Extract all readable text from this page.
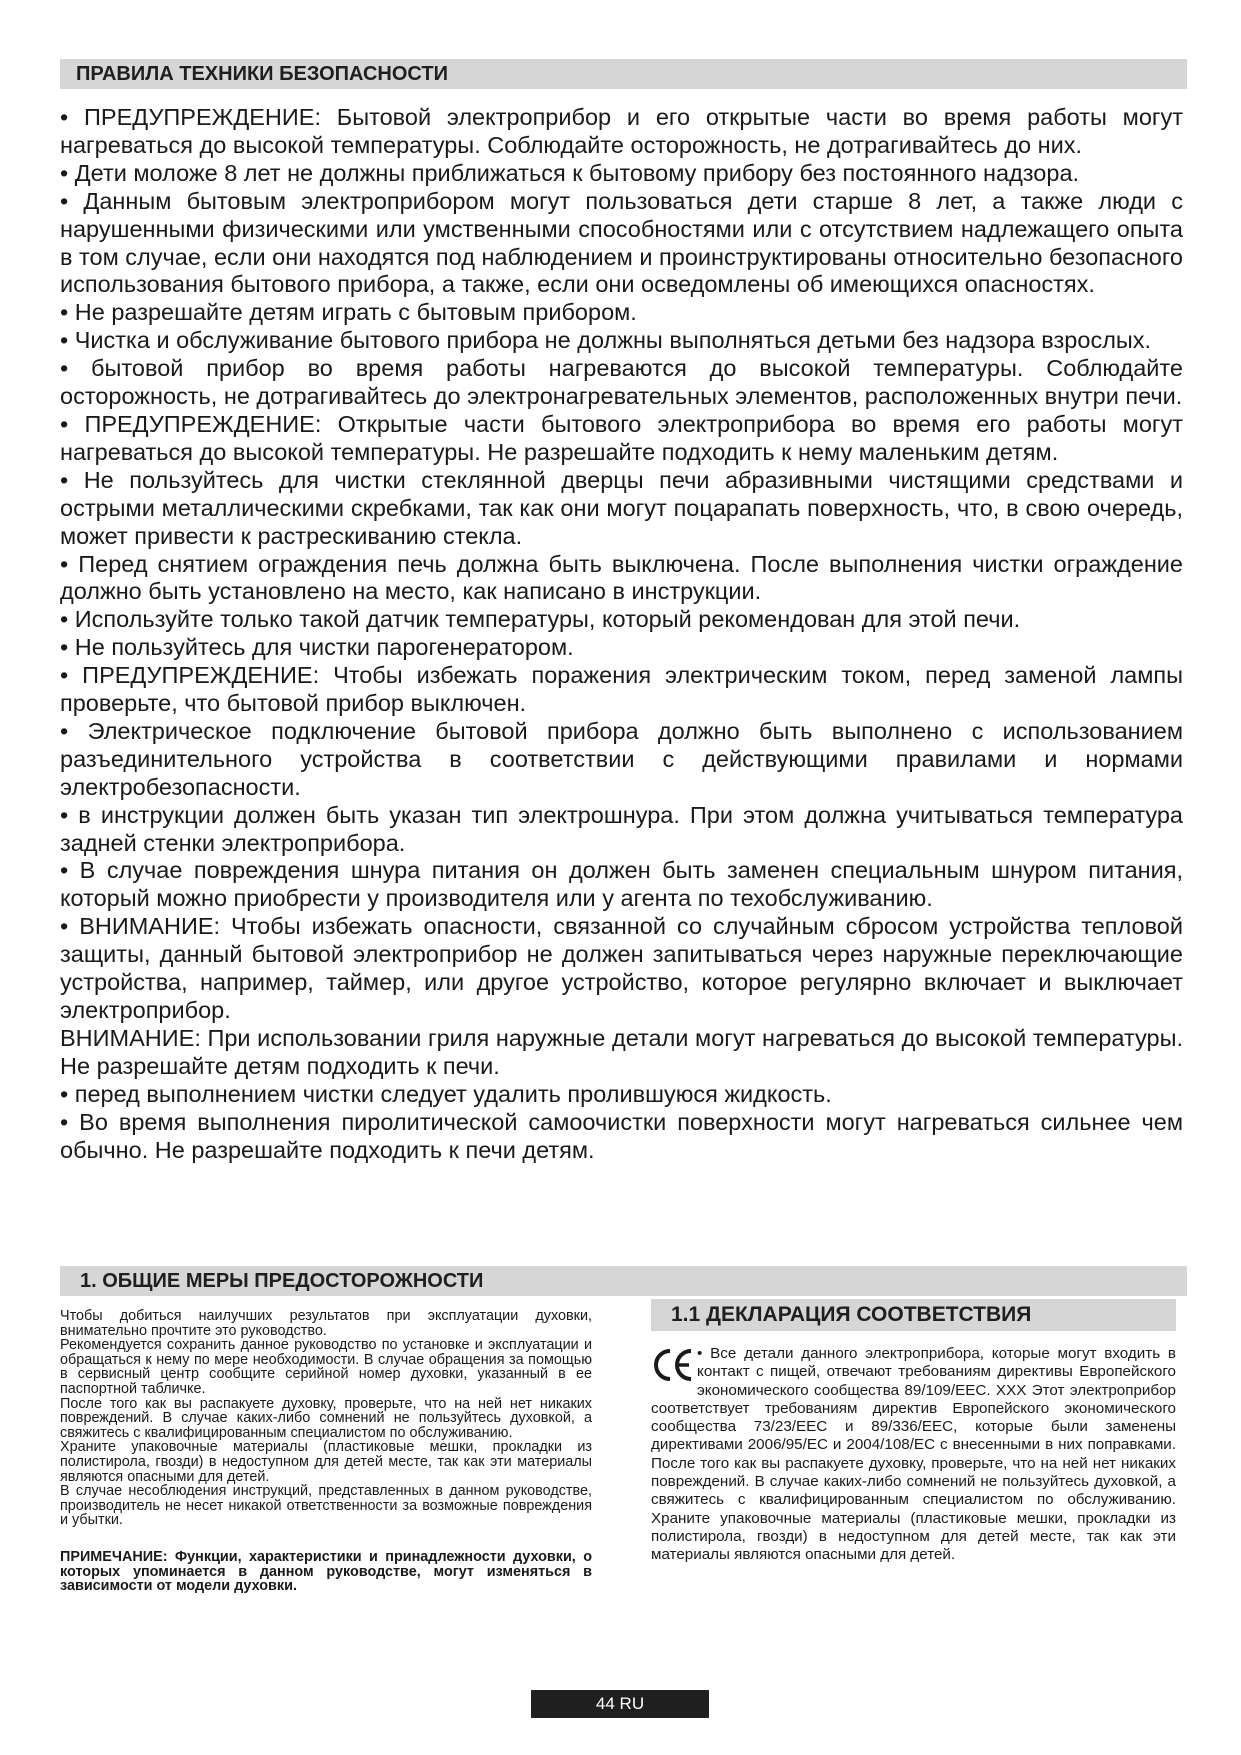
ПРАВИЛА ТЕХНИКИ БЕЗОПАСНОСТИ

• ПРЕДУПРЕЖДЕНИЕ: Бытовой электроприбор и его открытые части во время работы могут нагреваться до высокой температуры. Соблюдайте осторожность, не дотрагивайтесь до них.

• Дети моложе 8 лет не должны приближаться к бытовому прибору без постоянного надзора.

• Данным бытовым электроприбором могут пользоваться дети старше 8 лет, а также люди с нарушенными физическими или умственными способностями или с отсутствием надлежащего опыта в том случае, если они находятся под наблюдением и проинструктированы относительно безопасного использования бытового прибора, а также, если они осведомлены об имеющихся опасностях.

• Не разрешайте детям играть с бытовым прибором.

• Чистка и обслуживание бытового прибора не должны выполняться детьми без надзора взрослых.

• бытовой прибор во время работы нагреваются до высокой температуры. Соблюдайте осторожность, не дотрагивайтесь до электронагревательных элементов, расположенных внутри печи.

• ПРЕДУПРЕЖДЕНИЕ: Открытые части бытового электроприбора во время его работы могут нагреваться до высокой температуры. Не разрешайте подходить к нему маленьким детям.

• Не пользуйтесь для чистки стеклянной дверцы печи абразивными чистящими средствами и острыми металлическими скребками, так как они могут поцарапать поверхность, что, в свою очередь, может привести к растрескиванию стекла.

• Перед снятием ограждения печь должна быть выключена. После выполнения чистки ограждение должно быть установлено на место, как написано в инструкции.

• Используйте только такой датчик температуры, который рекомендован для этой печи.

• Не пользуйтесь для чистки парогенератором.

• ПРЕДУПРЕЖДЕНИЕ: Чтобы избежать поражения электрическим током, перед заменой лампы проверьте, что бытовой прибор выключен.

• Электрическое подключение бытовой прибора должно быть выполнено с использованием разъединительного устройства в соответствии с действующими правилами и нормами электробезопасности.

• в инструкции должен быть указан тип электрошнура. При этом должна учитываться температура задней стенки электроприбора.

• В случае повреждения шнура питания он должен быть заменен специальным шнуром питания, который можно приобрести у производителя или у агента по техобслуживанию.

• ВНИМАНИЕ: Чтобы избежать опасности, связанной со случайным сбросом устройства тепловой защиты, данный бытовой электроприбор не должен запитываться через наружные переключающие устройства, например, таймер, или другое устройство, которое регулярно включает и выключает электроприбор.

ВНИМАНИЕ: При использовании гриля наружные детали могут нагреваться до высокой температуры. Не разрешайте детям подходить к печи.

• перед выполнением чистки следует удалить пролившуюся жидкость.

• Во время выполнения пиролитической самоочистки поверхности могут нагреваться сильнее чем обычно. Не разрешайте подходить к печи детям.

1. ОБЩИЕ МЕРЫ ПРЕДОСТОРОЖНОСТИ

Чтобы добиться наилучших результатов при эксплуатации духовки, внимательно прочтите это руководство.

Рекомендуется сохранить данное руководство по установке и эксплуатации и обращаться к нему по мере необходимости. В случае обращения за помощью в сервисный центр сообщите серийной номер духовки, указанный в ее паспортной табличке.

После того как вы распакуете духовку, проверьте, что на ней нет никаких повреждений. В случае каких-либо сомнений не пользуйтесь духовкой, а свяжитесь с квалифицированным специалистом по обслуживанию.

Храните упаковочные материалы (пластиковые мешки, прокладки из полистирола, гвозди) в недоступном для детей месте, так как эти материалы являются опасными для детей.

В случае несоблюдения инструкций, представленных в данном руководстве, производитель не несет никакой ответственности за возможные повреждения и убытки.

ПРИМЕЧАНИЕ: Функции, характеристики и принадлежности духовки, о которых упоминается в данном руководстве, могут изменяться в зависимости от модели духовки.

1.1 ДЕКЛАРАЦИЯ СООТВЕТСТВИЯ

• Все детали данного электроприбора, которые могут входить в контакт с пищей, отвечают требованиям директивы Европейского экономического сообщества 89/109/ЕЕС. XXX Этот электроприбор соответствует требованиям директив Европейского экономического сообщества 73/23/EEC и 89/336/ЕЕС, которые были заменены директивами 2006/95/ЕС и 2004/108/ЕС с внесенными в них поправками. После того как вы распакуете духовку, проверьте, что на ней нет никаких повреждений. В случае каких-либо сомнений не пользуйтесь духовкой, а свяжитесь с квалифицированным специалистом по обслуживанию. Храните упаковочные материалы (пластиковые мешки, прокладки из полистирола, гвозди) в недоступном для детей месте, так как эти материалы являются опасными для детей.

44 RU
